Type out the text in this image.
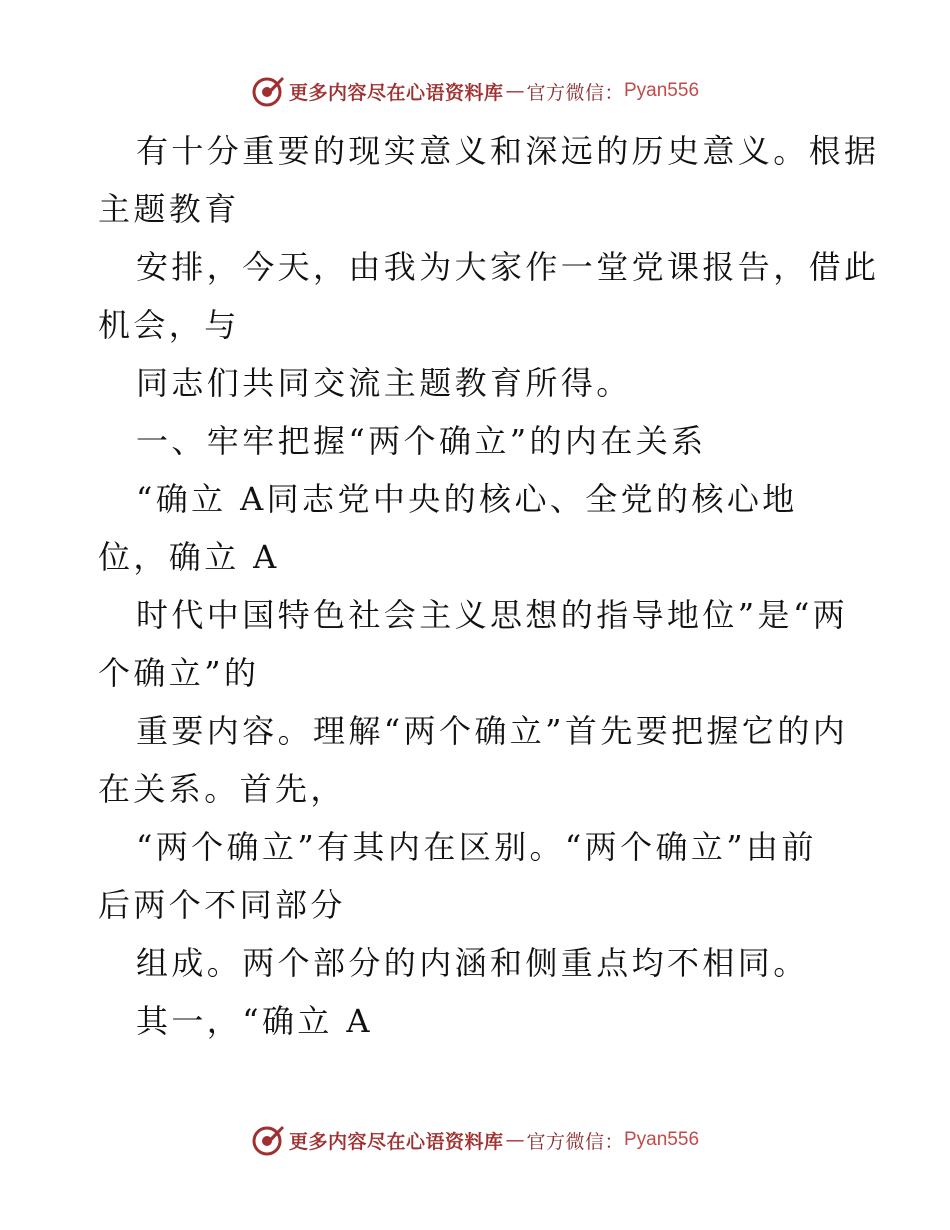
更多内容尽在心语资料库 — 官方微信： Pyan556
有十分重要的现实意义和深远的历史意义。根据
主题教育
安排，今天，由我为大家作一堂党课报告，借此
机会，与
同志们共同交流主题教育所得。
一、牢牢把握“两个确立”的内在关系
“确立 A同志党中央的核心、全党的核心地
位，确立 A
时代中国特色社会主义思想的指导地位”是“两
个确立”的
重要内容。理解“两个确立”首先要把握它的内
在关系。首先，
“两个确立”有其内在区别。“两个确立”由前
后两个不同部分
组成。两个部分的内涵和侧重点均不相同。
其一，“确立 A
更多内容尽在心语资料库 — 官方微信： Pyan556
